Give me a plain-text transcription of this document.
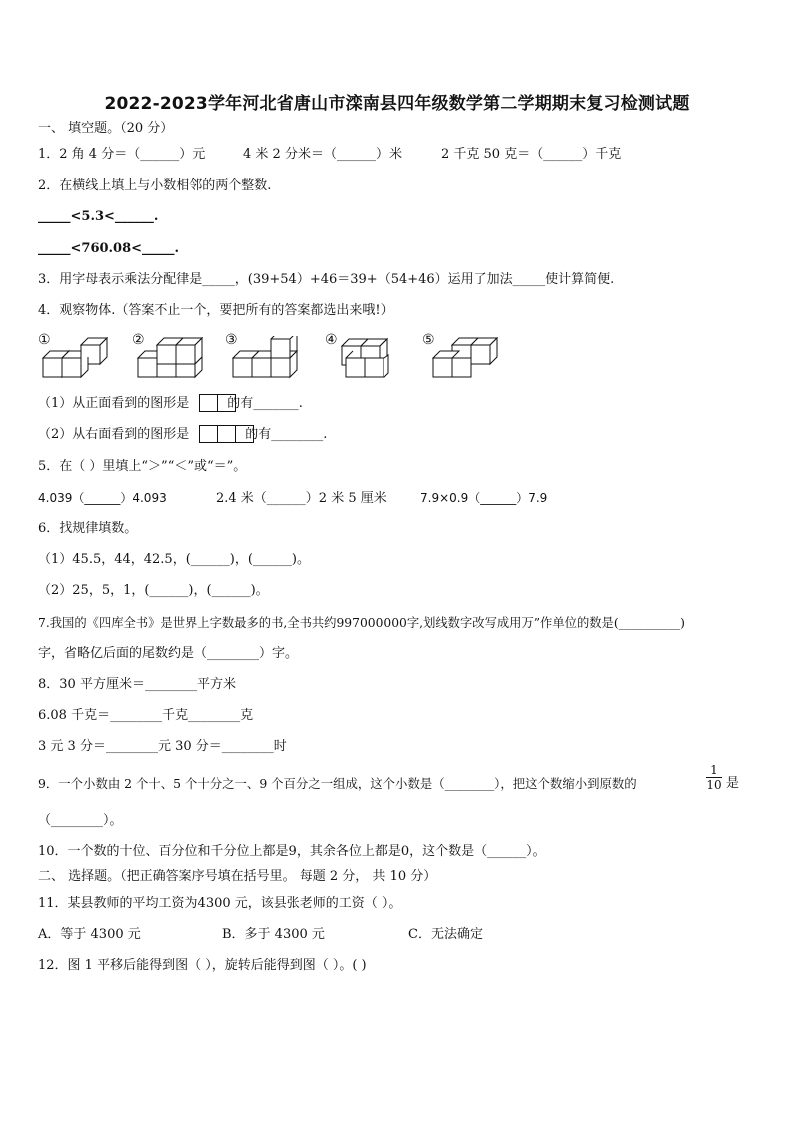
2022-2023学年河北省唐山市滦南县四年级数学第二学期期末复习检测试题
一、 填空题。（20 分）
1．2 角 4 分＝（______）元	4 米 2 分米＝（______）米	2 千克 50 克＝（______）千克
2．在横线上填上与小数相邻的两个整数.
_____<5.3<______.
_____<760.08<_____.
3．用字母表示乘法分配律是_____，(39+54）+46＝39+（54+46）运用了加法_____使计算简便.
4．观察物体.（答案不止一个，要把所有的答案都选出来哦!）
①	②	③	④	⑤
（1）从正面看到的图形是	的有_______.
（2）从右面看到的图形是	的有________.
5．在（ ）里填上“＞”“＜”或“＝”。
4.039（______）4.093	2.4 米（______）2 米 5 厘米	7.9×0.9（______）7.9
6．找规律填数。
（1）45.5，44，42.5，(______)，(______)。
（2）25，5，1，(______)，(______)。
7.我国的《四库全书》是世界上字数最多的书,全书共约997000000字,划线数字改写成用万”作单位的数是(__________)
字，省略亿后面的尾数约是（________）字。
8．30 平方厘米＝________平方米
6.08 千克＝________千克________克
3 元 3 分＝________元 30 分＝________时
9．一个小数由 2 个十、5 个十分之一、9 个百分之一组成，这个小数是（________），把这个数缩小到原数的	$\frac{1}{10}$ 是
（________）。
10．一个数的十位、百分位和千分位上都是9，其余各位上都是0，这个数是（______）。
二、 选择题。（把正确答案序号填在括号里。 每题 2 分， 共 10 分）
11．某县教师的平均工资为4300 元，该县张老师的工资（ ）。
A．等于 4300 元	B．多于 4300 元	C．无法确定
12．图 1 平移后能得到图（ ），旋转后能得到图（ ）。( )
